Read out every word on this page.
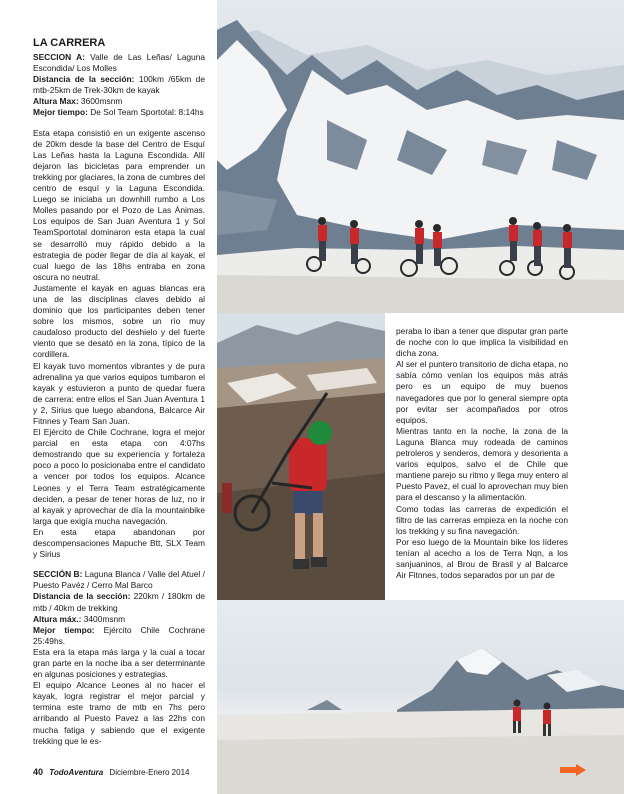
LA CARRERA

SECCION A: Valle de Las Leñas/ Laguna Escondida/ Los Molles

Distancia de la sección: 100km /65km de mtb-25km de Trek-30km de kayak

Altura Max: 3600msnm

Mejor tiempo: De Sol Team Sportotal: 8:14hs

Esta etapa consistió en un exigente ascenso de 20km desde la base del Centro de Esquí Las Leñas hasta la Laguna Escondida. Allí dejaron las bicicletas para emprender un trekking por glaciares, la zona de cumbres del centro de esquí y la Laguna Escondida. Luego se iniciaba un downhill rumbo a Los Molles pasando por el Pozo de Las Ánimas. Los equipos de San Juan Aventura 1 y Sol TeamSportotal dominaron esta etapa la cual se desarrolló muy rápido debido a la estrategia de poder llegar de día al kayak, el cual luego de las 18hs entraba en zona oscura no neutral.

Justamente el kayak en aguas blancas era una de las disciplinas claves debido al dominio que los participantes deben tener sobre los mismos, sobre un río muy caudaloso producto del deshielo y del fuerte viento que se desató en la zona, típico de la cordillera.

El kayak tuvo momentos vibrantes y de pura adrenalina ya que varios equipos tumbaron el kayak y estuvieron a punto de quedar fuera de carrera: entre ellos el San Juan Aventura 1 y 2, Sirius que luego abandona, Balcarce Air Fitnnes y Team San Juan.

El Ejército de Chile Cochrane, logra el mejor parcial en esta etapa con 4:07hs demostrando que su experiencia y fortaleza poco a poco lo posicionaba entre el candidato a vencer por todos los equipos. Alcance Leones y el Terra Team estratégicamente deciden, a pesar de tener horas de luz, no ir al kayak y aprovechar de día la mountainbike larga que exigía mucha navegación.

En esta etapa abandonan por descompensaciones Mapuche Btt, SLX Team y Sirius

SECCIÓN B: Laguna Blanca / Valle del Atuel / Puesto Pavéz / Cerro Mal Barco

Distancia de la sección: 220km / 180km de mtb / 40km de trekking

Altura máx.: 3400msnm

Mejor tiempo: Ejército Chile Cochrane 25:49hs.

Esta era la etapa más larga y la cual a tocar gran parte en la noche iba a ser determinante en algunas posiciones y estrategias.

El equipo Alcance Leones al no hacer el kayak, logra registrar el mejor parcial y termina este tramo de mtb en 7hs pero arribando al Puesto Pavez a las 22hs con mucha fatiga y sabiendo que el exigente trekking que le es-

peraba lo iban a tener que disputar gran parte de noche con lo que implica la visibilidad en dicha zona.

Al ser el puntero transitorio de dicha etapa, no sabía cómo venían los equipos más atrás pero es un equipo de muy buenos navegadores que por lo general siempre opta por evitar ser acompañados por otros equipos.

Mientras tanto en la noche, la zona de la Laguna Blanca muy rodeada de caminos petroleros y senderos, demora y desorienta a varios equipos, salvo el de Chile que mantiene parejo su ritmo y llega muy entero al Puesto Pavez, el cual lo aprovechan muy bien para el descanso y la alimentación.

Como todas las carreras de expedición el filtro de las carreras empieza en la noche con los trekking y su fina navegación.

Por eso luego de la Mountain bike los líderes tenían al acecho a los de Terra Nqn, a los sanjuaninos, al Brou de Brasil y al Balcarce Air Fitnnes, todos separados por un par de

40 TodoAventura Diciembre-Enero 2014
